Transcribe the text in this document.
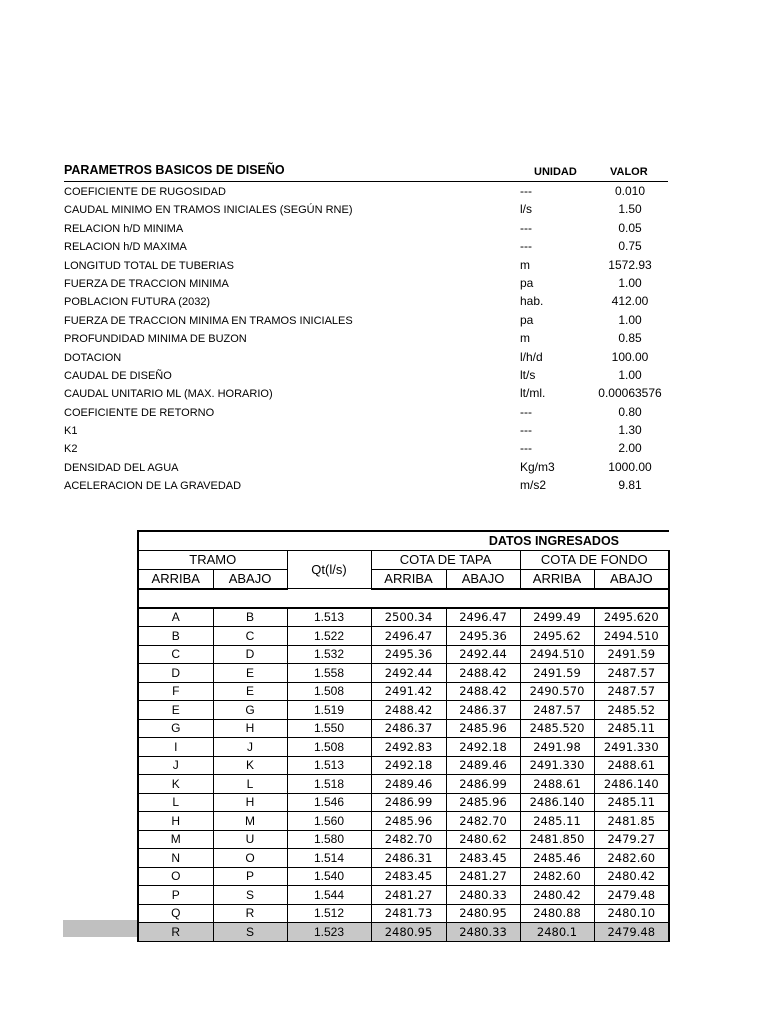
PARAMETROS BASICOS DE DISEÑO	UNIDAD	VALOR
COEFICIENTE DE RUGOSIDAD	---	0.010
CAUDAL MINIMO EN TRAMOS INICIALES (SEGÚN RNE)	l/s	1.50
RELACION h/D MINIMA	---	0.05
RELACION h/D MAXIMA	---	0.75
LONGITUD TOTAL DE TUBERIAS	m	1572.93
FUERZA DE TRACCION MINIMA	pa	1.00
POBLACION FUTURA (2032)	hab.	412.00
FUERZA DE TRACCION MINIMA EN TRAMOS INICIALES	pa	1.00
PROFUNDIDAD MINIMA DE BUZON	m	0.85
DOTACION	l/h/d	100.00
CAUDAL DE DISEÑO	lt/s	1.00
CAUDAL UNITARIO ML (MAX. HORARIO)	lt/ml.	0.00063576
COEFICIENTE DE RETORNO	---	0.80
K1	---	1.30
K2	---	2.00
DENSIDAD DEL AGUA	Kg/m3	1000.00
ACELERACION DE LA GRAVEDAD	m/s2	9.81
	DATOS INGRESADOS					
TRAMO		Qt(l/s)	COTA DE TAPA		COTA DE FONDO	
ARRIBA	ABAJO		ARRIBA	ABAJO	ARRIBA	ABAJO

A	B	1.513	2500.34	2496.47	2499.49	2495.620
B	C	1.522	2496.47	2495.36	2495.62	2494.510
C	D	1.532	2495.36	2492.44	2494.510	2491.59
D	E	1.558	2492.44	2488.42	2491.59	2487.57
F	E	1.508	2491.42	2488.42	2490.570	2487.57
E	G	1.519	2488.42	2486.37	2487.57	2485.52
G	H	1.550	2486.37	2485.96	2485.520	2485.11
I	J	1.508	2492.83	2492.18	2491.98	2491.330
J	K	1.513	2492.18	2489.46	2491.330	2488.61
K	L	1.518	2489.46	2486.99	2488.61	2486.140
L	H	1.546	2486.99	2485.96	2486.140	2485.11
H	M	1.560	2485.96	2482.70	2485.11	2481.85
M	U	1.580	2482.70	2480.62	2481.850	2479.27
N	O	1.514	2486.31	2483.45	2485.46	2482.60
O	P	1.540	2483.45	2481.27	2482.60	2480.42
P	S	1.544	2481.27	2480.33	2480.42	2479.48
Q	R	1.512	2481.73	2480.95	2480.88	2480.10
R	S	1.523	2480.95	2480.33	2480.1	2479.48
